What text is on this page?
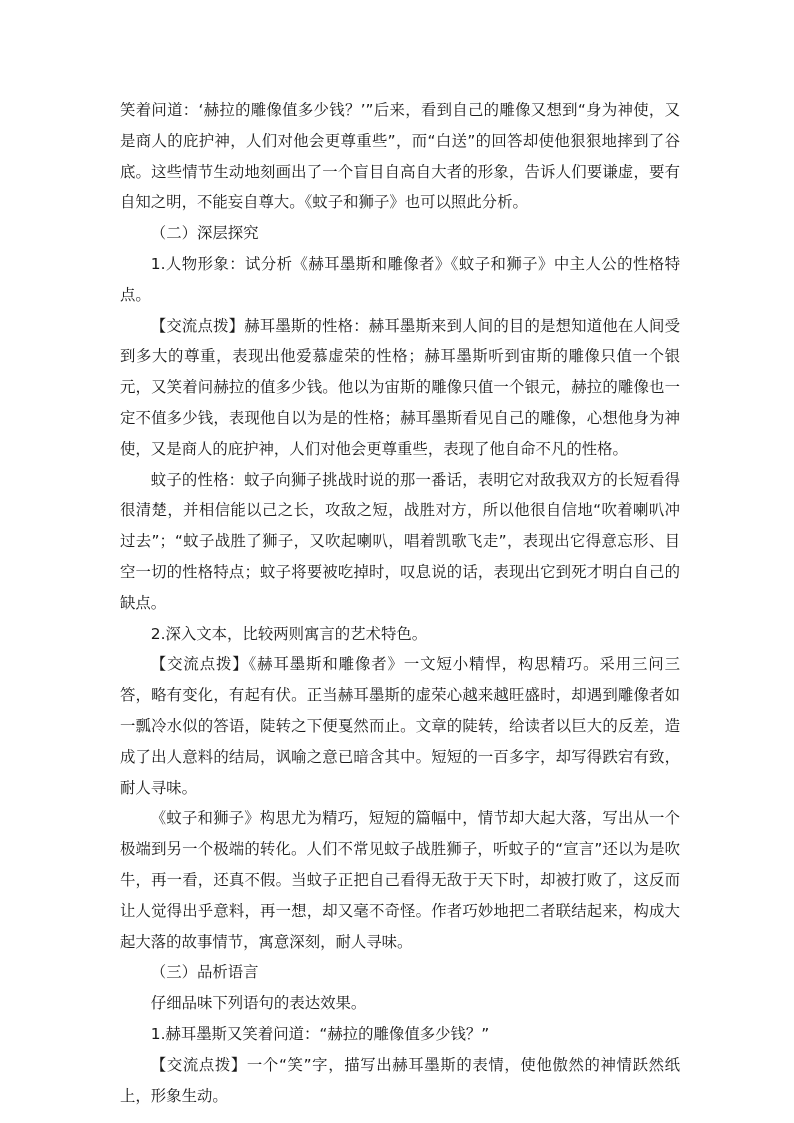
笑着问道：‘赫拉的雕像值多少钱？’”后来，看到自己的雕像又想到“身为神使，又是商人的庇护神，人们对他会更尊重些”，而“白送”的回答却使他狠狠地摔到了谷底。这些情节生动地刻画出了一个盲目自高自大者的形象，告诉人们要谦虚，要有自知之明，不能妄自尊大。《蚊子和狮子》也可以照此分析。

（二）深层探究

1.人物形象：试分析《赫耳墨斯和雕像者》《蚊子和狮子》中主人公的性格特点。

【交流点拨】赫耳墨斯的性格：赫耳墨斯来到人间的目的是想知道他在人间受到多大的尊重，表现出他爱慕虚荣的性格；赫耳墨斯听到宙斯的雕像只值一个银元，又笑着问赫拉的值多少钱。他以为宙斯的雕像只值一个银元，赫拉的雕像也一定不值多少钱，表现他自以为是的性格；赫耳墨斯看见自己的雕像，心想他身为神使，又是商人的庇护神，人们对他会更尊重些，表现了他自命不凡的性格。

蚊子的性格：蚊子向狮子挑战时说的那一番话，表明它对敌我双方的长短看得很清楚，并相信能以己之长，攻敌之短，战胜对方，所以他很自信地“吹着喇叭冲过去”；“蚊子战胜了狮子，又吹起喇叭，唱着凯歌飞走”，表现出它得意忘形、目空一切的性格特点；蚊子将要被吃掉时，叹息说的话，表现出它到死才明白自己的缺点。

2.深入文本，比较两则寓言的艺术特色。

【交流点拨】《赫耳墨斯和雕像者》一文短小精悍，构思精巧。采用三问三答，略有变化，有起有伏。正当赫耳墨斯的虚荣心越来越旺盛时，却遇到雕像者如一瓢冷水似的答语，陡转之下便戛然而止。文章的陡转，给读者以巨大的反差，造成了出人意料的结局，讽喻之意已暗含其中。短短的一百多字，却写得跌宕有致，耐人寻味。

《蚊子和狮子》构思尤为精巧，短短的篇幅中，情节却大起大落，写出从一个极端到另一个极端的转化。人们不常见蚊子战胜狮子，听蚊子的“宣言”还以为是吹牛，再一看，还真不假。当蚊子正把自己看得无敌于天下时，却被打败了，这反而让人觉得出乎意料，再一想，却又毫不奇怪。作者巧妙地把二者联结起来，构成大起大落的故事情节，寓意深刻，耐人寻味。

（三）品析语言

仔细品味下列语句的表达效果。

1.赫耳墨斯又笑着问道：“赫拉的雕像值多少钱？”

【交流点拨】一个“笑”字，描写出赫耳墨斯的表情，使他傲然的神情跃然纸上，形象生动。
